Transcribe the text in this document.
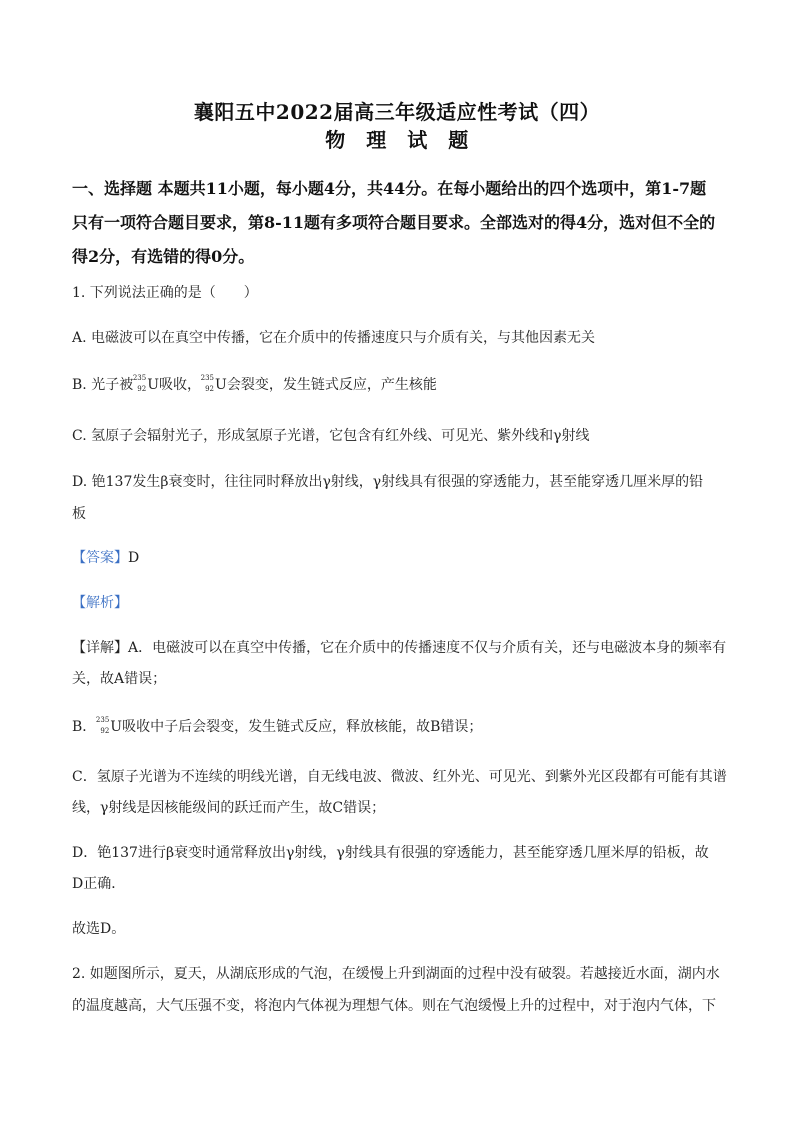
襄阳五中2022届高三年级适应性考试（四）
物　理　试　题
一、选择题 本题共11小题，每小题4分，共44分。在每小题给出的四个选项中，第1-7题只有一项符合题目要求，第8-11题有多项符合题目要求。全部选对的得4分，选对但不全的得2分，有选错的得0分。
1. 下列说法正确的是（　　）
A. 电磁波可以在真空中传播，它在介质中的传播速度只与介质有关，与其他因素无关
B. 光子被 235
92 U吸收， 235
92 U会裂变，发生链式反应，产生核能
C. 氢原子会辐射光子，形成氢原子光谱，它包含有红外线、可见光、紫外线和γ射线
D. 铯137发生β衰变时，往往同时释放出γ射线，γ射线具有很强的穿透能力，甚至能穿透几厘米厚的铅
板
【答案】D
【解析】
【详解】A．电磁波可以在真空中传播，它在介质中的传播速度不仅与介质有关，还与电磁波本身的频率有
关，故A错误；
B． 235
92 U吸收中子后会裂变，发生链式反应，释放核能，故B错误；
C．氢原子光谱为不连续的明线光谱，自无线电波、微波、红外光、可见光、到紫外光区段都有可能有其谱
线，γ射线是因核能级间的跃迁而产生，故C错误；
D．铯137进行β衰变时通常释放出γ射线，γ射线具有很强的穿透能力，甚至能穿透几厘米厚的铅板，故
D正确．
故选D。
2. 如题图所示，夏天，从湖底形成的气泡，在缓慢上升到湖面的过程中没有破裂。若越接近水面，湖内水
的温度越高，大气压强不变，将泡内气体视为理想气体。则在气泡缓慢上升的过程中，对于泡内气体，下
